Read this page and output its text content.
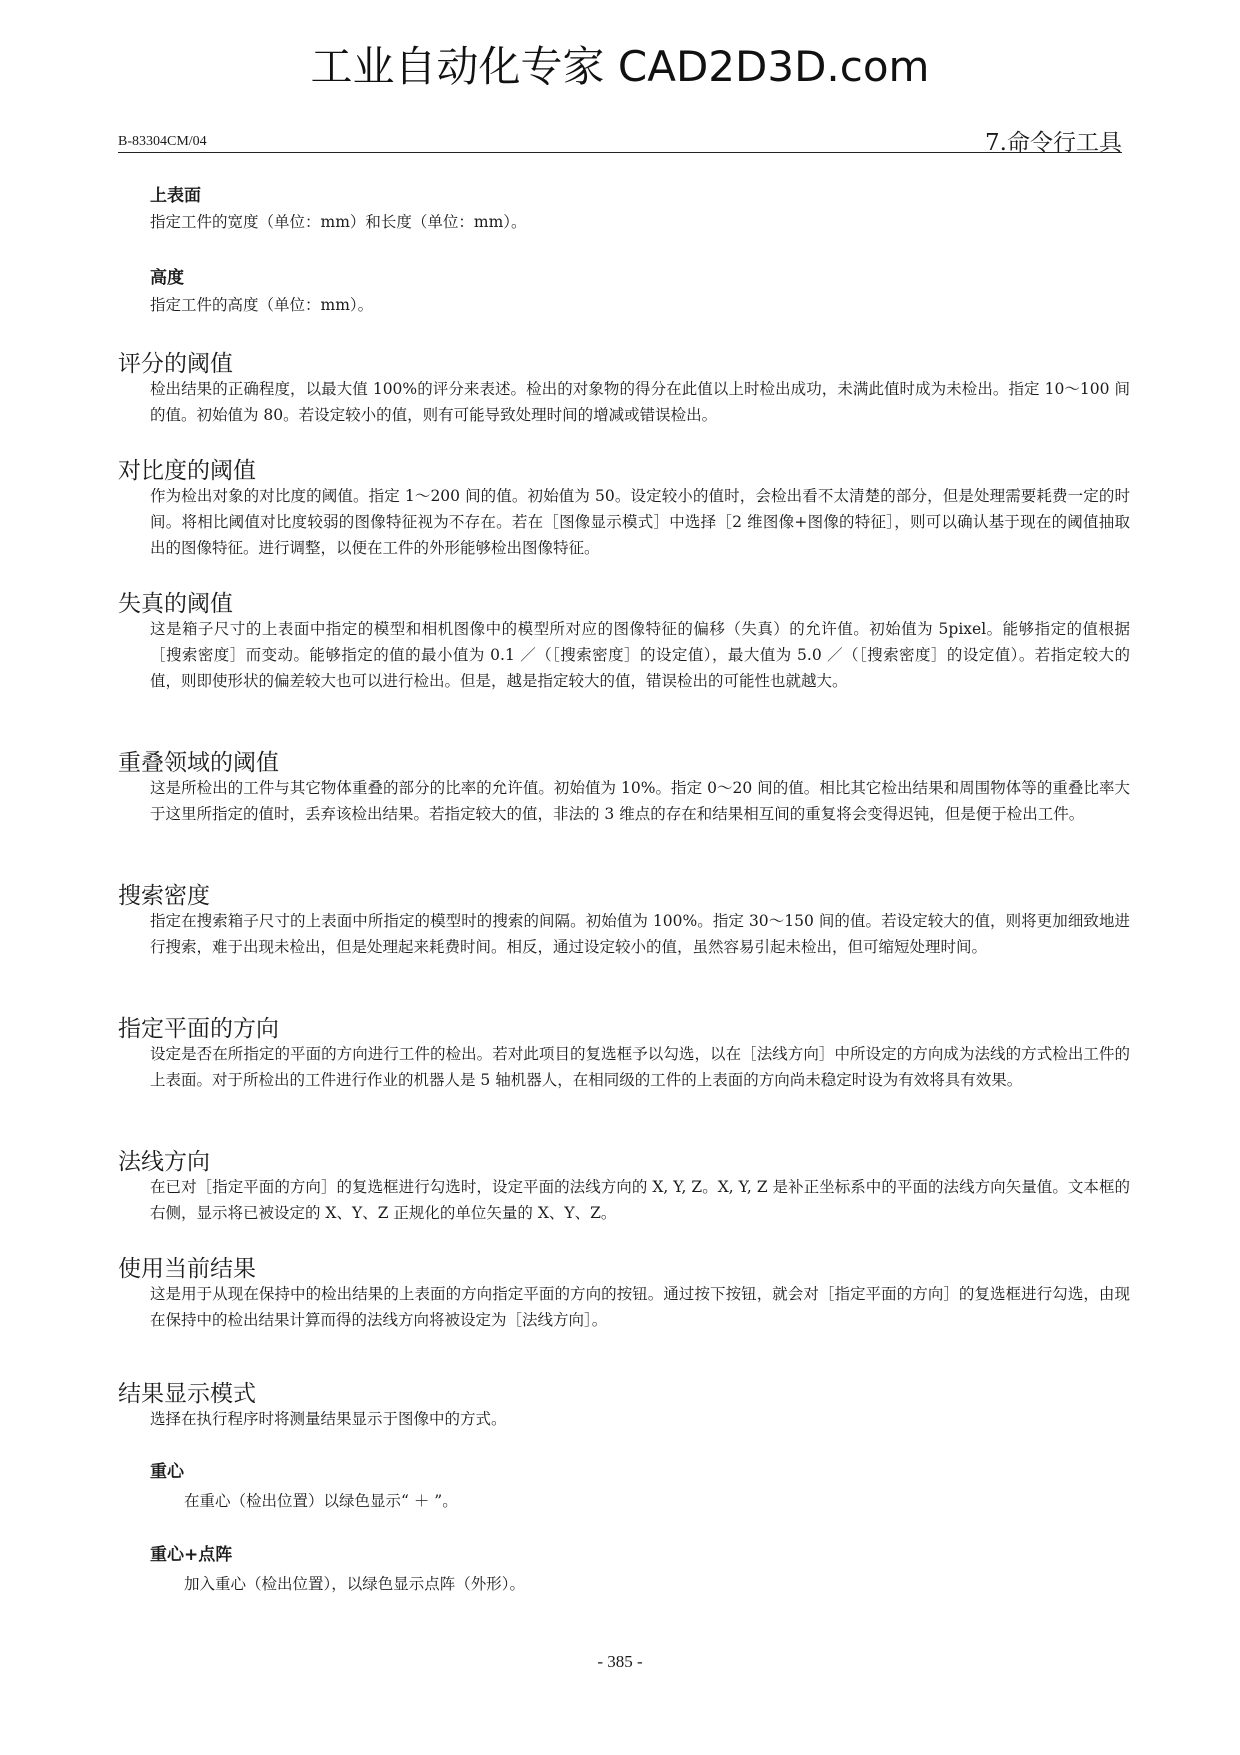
工业自动化专家 CAD2D3D.com
B-83304CM/04	7.命令行工具
上表面

指定工件的宽度（单位：mm）和长度（单位：mm）。

高度

指定工件的高度（单位：mm）。

评分的阈值

检出结果的正确程度，以最大值 100%的评分来表述。检出的对象物的得分在此值以上时检出成功，未满此值时成为未检出。指定 10～100 间的值。初始值为 80。若设定较小的值，则有可能导致处理时间的增减或错误检出。

对比度的阈值

作为检出对象的对比度的阈值。指定 1～200 间的值。初始值为 50。设定较小的值时，会检出看不太清楚的部分，但是处理需要耗费一定的时间。将相比阈值对比度较弱的图像特征视为不存在。若在［图像显示模式］中选择［2 维图像+图像的特征］，则可以确认基于现在的阈值抽取出的图像特征。进行调整，以便在工件的外形能够检出图像特征。

失真的阈值

这是箱子尺寸的上表面中指定的模型和相机图像中的模型所对应的图像特征的偏移（失真）的允许值。初始值为 5pixel。能够指定的值根据［搜索密度］而变动。能够指定的值的最小值为 0.1 ／（［搜索密度］的设定值），最大值为 5.0 ／（［搜索密度］的设定值）。若指定较大的值，则即使形状的偏差较大也可以进行检出。但是，越是指定较大的值，错误检出的可能性也就越大。

重叠领域的阈值

这是所检出的工件与其它物体重叠的部分的比率的允许值。初始值为 10%。指定 0～20 间的值。相比其它检出结果和周围物体等的重叠比率大于这里所指定的值时，丢弃该检出结果。若指定较大的值，非法的 3 维点的存在和结果相互间的重复将会变得迟钝，但是便于检出工件。

搜索密度

指定在搜索箱子尺寸的上表面中所指定的模型时的搜索的间隔。初始值为 100%。指定 30～150 间的值。若设定较大的值，则将更加细致地进行搜索，难于出现未检出，但是处理起来耗费时间。相反，通过设定较小的值，虽然容易引起未检出，但可缩短处理时间。

指定平面的方向

设定是否在所指定的平面的方向进行工件的检出。若对此项目的复选框予以勾选，以在［法线方向］中所设定的方向成为法线的方式检出工件的上表面。对于所检出的工件进行作业的机器人是 5 轴机器人，在相同级的工件的上表面的方向尚未稳定时设为有效将具有效果。

法线方向

在已对［指定平面的方向］的复选框进行勾选时，设定平面的法线方向的 X, Y, Z。X, Y, Z 是补正坐标系中的平面的法线方向矢量值。文本框的右侧，显示将已被设定的 X、Y、Z 正规化的单位矢量的 X、Y、Z。

使用当前结果

这是用于从现在保持中的检出结果的上表面的方向指定平面的方向的按钮。通过按下按钮，就会对［指定平面的方向］的复选框进行勾选，由现在保持中的检出结果计算而得的法线方向将被设定为［法线方向］。

结果显示模式

选择在执行程序时将测量结果显示于图像中的方式。

重心

在重心（检出位置）以绿色显示“ ＋ ”。

重心+点阵

加入重心（检出位置），以绿色显示点阵（外形）。

- 385 -
